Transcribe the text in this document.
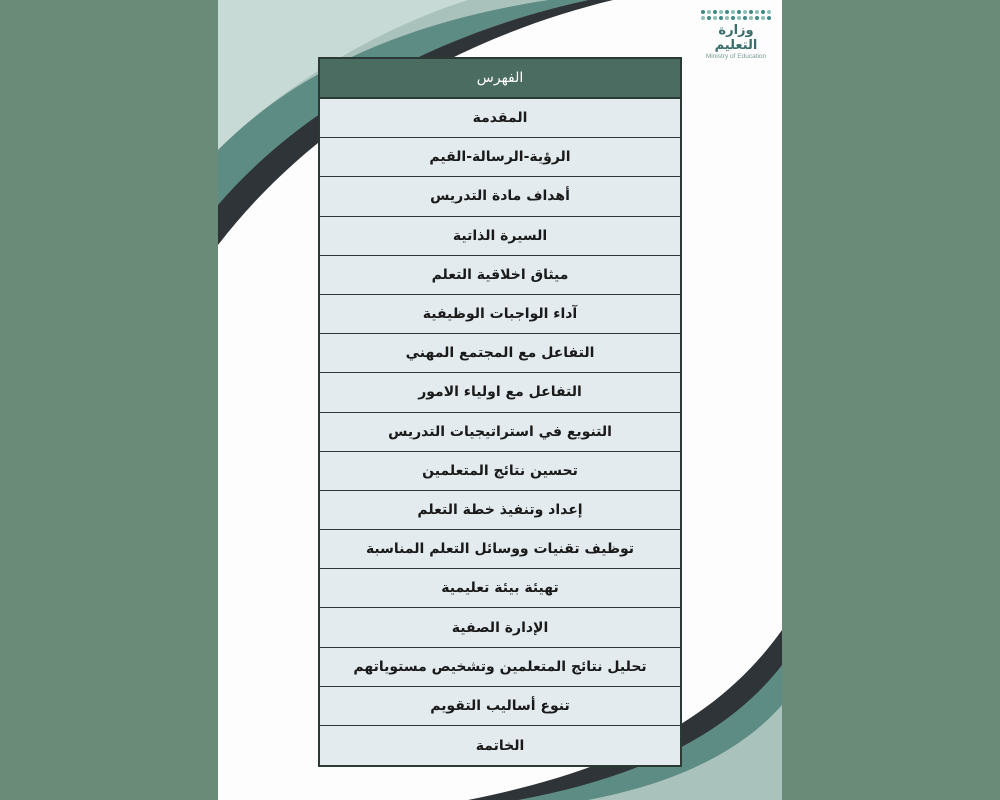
وزارة التعليم
Ministry of Education
الفهرس
المقدمة
الرؤية-الرسالة-القيم
أهداف مادة التدريس
السيرة الذاتية
ميثاق اخلاقية التعلم
آداء الواجبات الوظيفية
التفاعل مع المجتمع المهني
التفاعل مع اولياء الامور
التنويع في استراتيجيات التدريس
تحسين نتائج المتعلمين
إعداد وتنفيذ خطة التعلم
توظيف تقنيات ووسائل التعلم المناسبة
تهيئة بيئة تعليمية
الإدارة الصفية
تحليل نتائج المتعلمين وتشخيص مستوياتهم
تنوع أساليب التقويم
الخاتمة
